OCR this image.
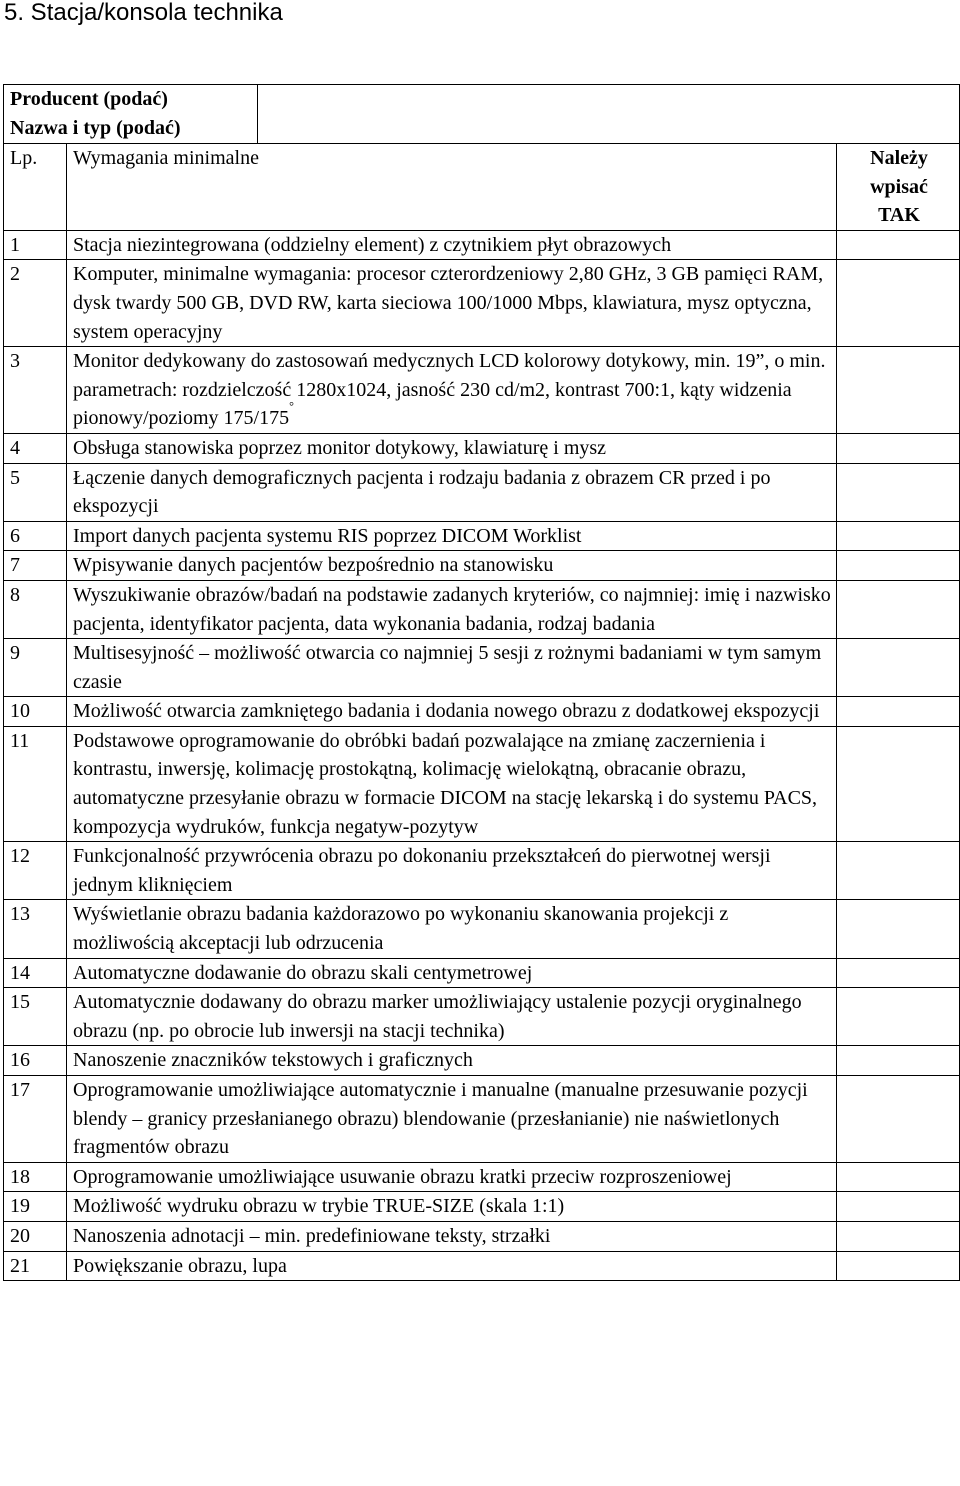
5. Stacja/konsola technika
Producent (podać)
Nazwa i typ (podać)			

Lp.	Wymagania minimalne		Należy
wpisać
TAK

1	Stacja niezintegrowana (oddzielny element) z czytnikiem płyt obrazowych		
2	Komputer, minimalne wymagania: procesor czterordzeniowy 2,80 GHz, 3 GB pamięci RAM, dysk twardy 500 GB, DVD RW, karta sieciowa 100/1000 Mbps, klawiatura, mysz optyczna, system operacyjny		
3	Monitor dedykowany do zastosowań medycznych LCD kolorowy dotykowy, min. 19”, o min. parametrach: rozdzielczość 1280x1024, jasność 230 cd/m2, kontrast 700:1, kąty widzenia pionowy/poziomy 175/175°	
4	Obsługa stanowiska poprzez monitor dotykowy, klawiaturę i mysz		
5	Łączenie danych demograficznych pacjenta i rodzaju badania z obrazem CR przed i po ekspozycji		
6	Import danych pacjenta systemu RIS poprzez DICOM Worklist		
7	Wpisywanie danych pacjentów bezpośrednio na stanowisku		
8	Wyszukiwanie obrazów/badań na podstawie zadanych kryteriów, co najmniej: imię i nazwisko pacjenta, identyfikator pacjenta, data wykonania badania, rodzaj badania		
9	Multisesyjność – możliwość otwarcia co najmniej 5 sesji z rożnymi badaniami w tym samym czasie		
10	Możliwość otwarcia zamkniętego badania i dodania nowego obrazu z dodatkowej ekspozycji		
11	Podstawowe oprogramowanie do obróbki badań pozwalające na zmianę zaczernienia i kontrastu, inwersję, kolimację prostokątną, kolimację wielokątną, obracanie obrazu, automatyczne przesyłanie obrazu w formacie DICOM na stację lekarską i do systemu PACS, kompozycja wydruków, funkcja negatyw-pozytyw		
12	Funkcjonalność przywrócenia obrazu po dokonaniu przekształceń do pierwotnej wersji jednym kliknięciem		
13	Wyświetlanie obrazu badania każdorazowo po wykonaniu skanowania projekcji z możliwością akceptacji lub odrzucenia		
14	Automatyczne dodawanie do obrazu skali centymetrowej		
15	Automatycznie dodawany do obrazu marker umożliwiający ustalenie pozycji oryginalnego obrazu (np. po obrocie lub inwersji na stacji technika)		
16	Nanoszenie znaczników tekstowych i graficznych		
17	Oprogramowanie umożliwiające automatycznie i manualne (manualne przesuwanie pozycji blendy – granicy przesłanianego obrazu) blendowanie (przesłanianie) nie naświetlonych fragmentów obrazu		
18	Oprogramowanie umożliwiające usuwanie obrazu kratki przeciw rozproszeniowej		
19	Możliwość wydruku obrazu w trybie TRUE-SIZE (skala 1:1)		
20	Nanoszenia adnotacji – min. predefiniowane teksty, strzałki		
21	Powiększanie obrazu, lupa		
